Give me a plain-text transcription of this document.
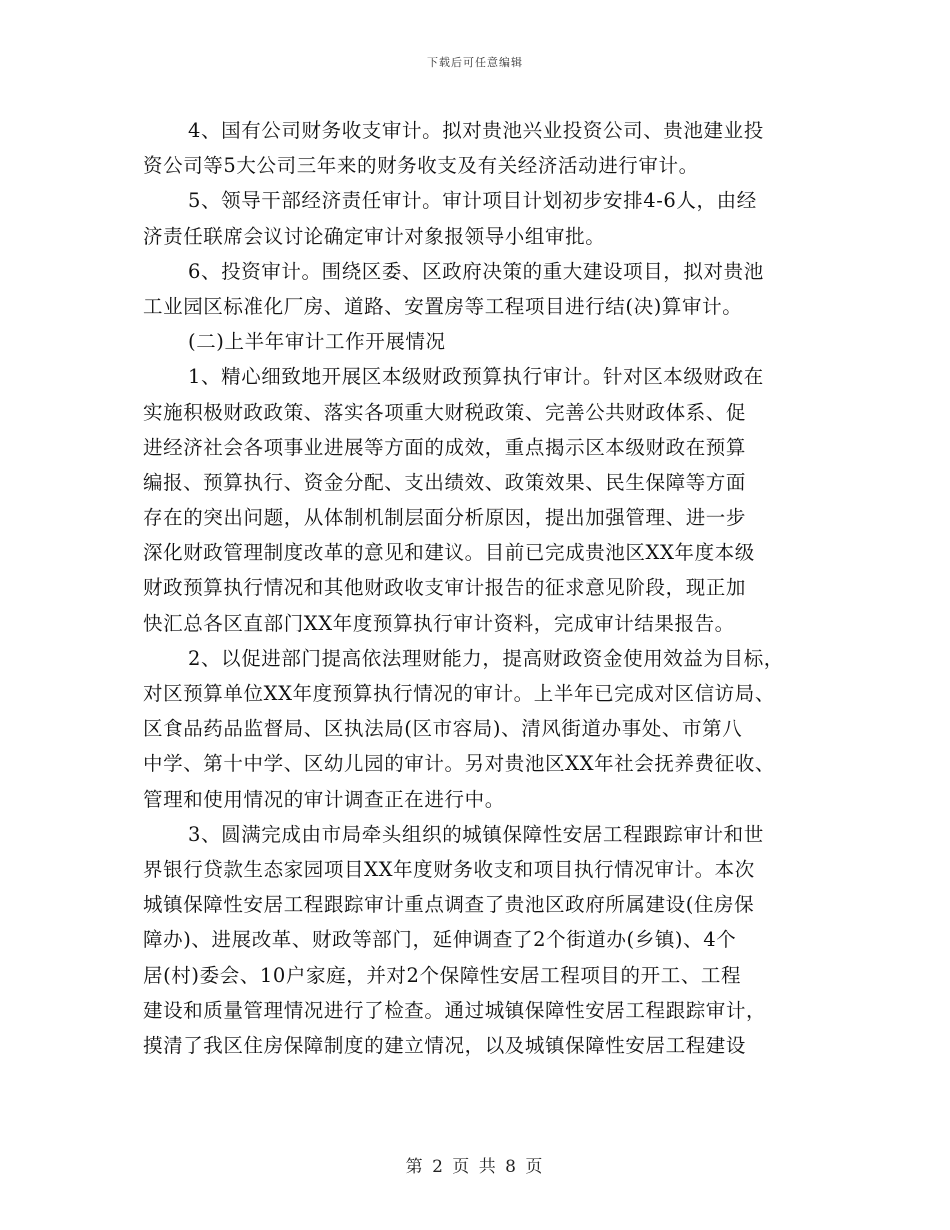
下载后可任意编辑
4、国有公司财务收支审计。拟对贵池兴业投资公司、贵池建业投
资公司等5大公司三年来的财务收支及有关经济活动进行审计。
5、领导干部经济责任审计。审计项目计划初步安排4-6人，由经
济责任联席会议讨论确定审计对象报领导小组审批。
6、投资审计。围绕区委、区政府决策的重大建设项目，拟对贵池
工业园区标准化厂房、道路、安置房等工程项目进行结(决)算审计。
(二)上半年审计工作开展情况
1、精心细致地开展区本级财政预算执行审计。针对区本级财政在
实施积极财政政策、落实各项重大财税政策、完善公共财政体系、促
进经济社会各项事业进展等方面的成效，重点揭示区本级财政在预算
编报、预算执行、资金分配、支出绩效、政策效果、民生保障等方面
存在的突出问题，从体制机制层面分析原因，提出加强管理、进一步
深化财政管理制度改革的意见和建议。目前已完成贵池区XX年度本级
财政预算执行情况和其他财政收支审计报告的征求意见阶段，现正加
快汇总各区直部门XX年度预算执行审计资料，完成审计结果报告。
2、以促进部门提高依法理财能力，提高财政资金使用效益为目标，
对区预算单位XX年度预算执行情况的审计。上半年已完成对区信访局、
区食品药品监督局、区执法局(区市容局)、清风街道办事处、市第八
中学、第十中学、区幼儿园的审计。另对贵池区XX年社会抚养费征收、
管理和使用情况的审计调查正在进行中。
3、圆满完成由市局牵头组织的城镇保障性安居工程跟踪审计和世
界银行贷款生态家园项目XX年度财务收支和项目执行情况审计。本次
城镇保障性安居工程跟踪审计重点调查了贵池区政府所属建设(住房保
障办)、进展改革、财政等部门，延伸调查了2个街道办(乡镇)、4个
居(村)委会、10户家庭，并对2个保障性安居工程项目的开工、工程
建设和质量管理情况进行了检查。通过城镇保障性安居工程跟踪审计，
摸清了我区住房保障制度的建立情况，以及城镇保障性安居工程建设
第 2 页 共 8 页
